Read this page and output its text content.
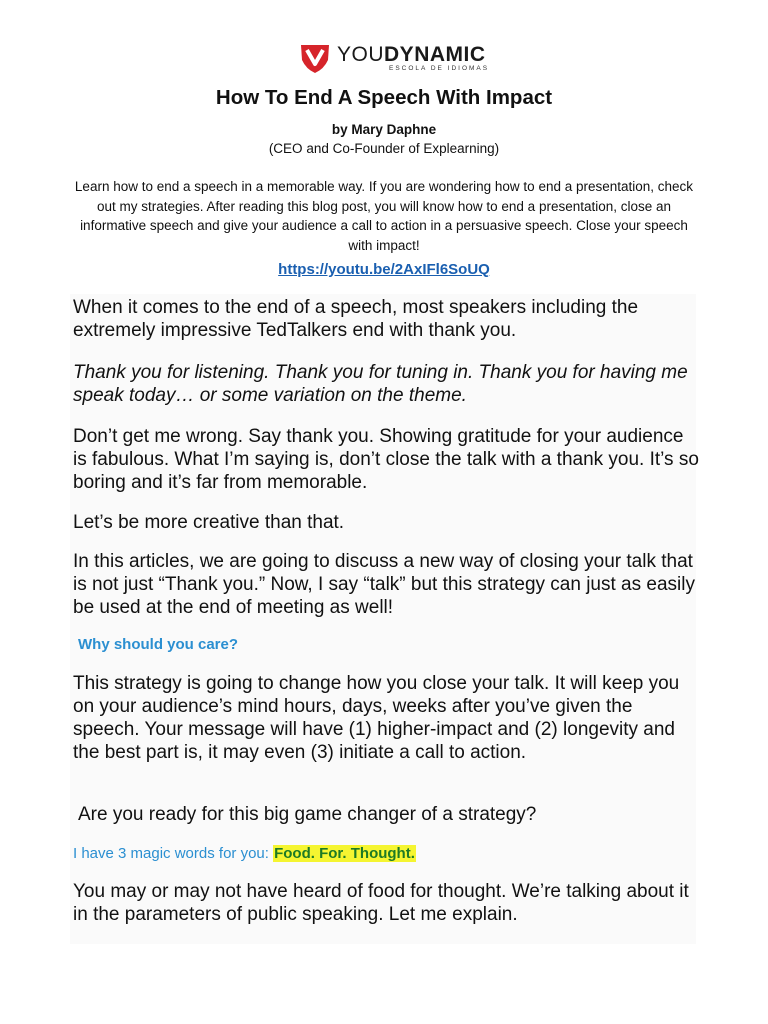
YOUDYNAMIC
ESCOLA DE IDIOMAS
How To End A Speech With Impact
by Mary Daphne
(CEO and Co-Founder of Explearning)

Learn how to end a speech in a memorable way. If you are wondering how to end a presentation, check out my strategies. After reading this blog post, you will know how to end a presentation, close an informative speech and give your audience a call to action in a persuasive speech. Close your speech with impact!

https://youtu.be/2AxIFl6SoUQ

When it comes to the end of a speech, most speakers including the extremely impressive TedTalkers end with thank you.

Thank you for listening. Thank you for tuning in. Thank you for having me speak today… or some variation on the theme.

Don’t get me wrong. Say thank you. Showing gratitude for your audience is fabulous. What I’m saying is, don’t close the talk with a thank you. It’s so boring and it’s far from memorable.

Let’s be more creative than that.

In this articles, we are going to discuss a new way of closing your talk that is not just “Thank you.” Now, I say “talk” but this strategy can just as easily be used at the end of meeting as well!

Why should you care?

This strategy is going to change how you close your talk. It will keep you on your audience’s mind hours, days, weeks after you’ve given the speech. Your message will have (1) higher-impact and (2) longevity and the best part is, it may even (3) initiate a call to action.

Are you ready for this big game changer of a strategy?

I have 3 magic words for you: Food. For. Thought.

You may or may not have heard of food for thought. We’re talking about it in the parameters of public speaking. Let me explain.
